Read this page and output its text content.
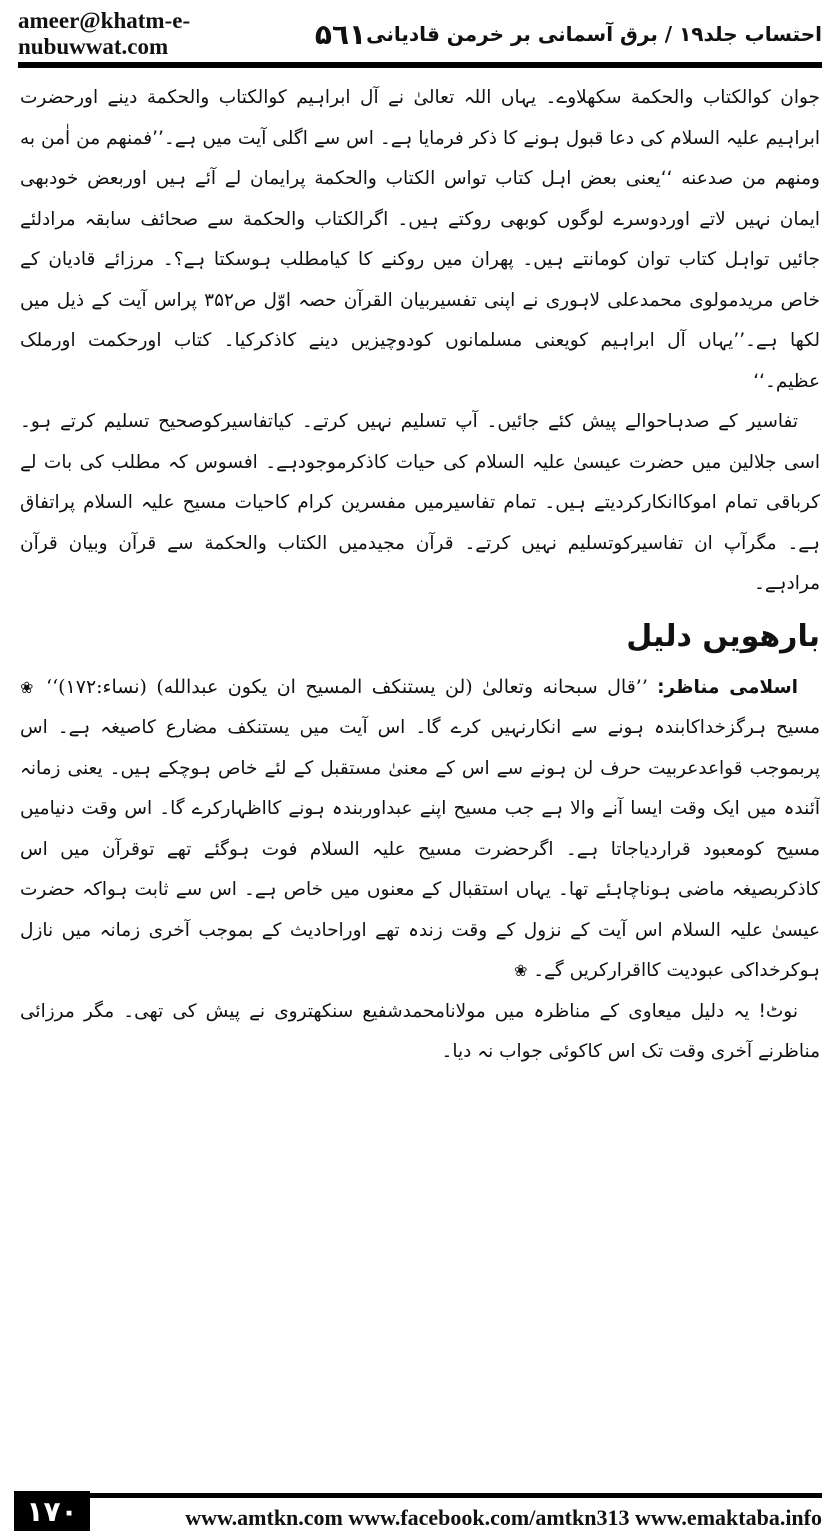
ameer@khatm-e-nubuwwat.com	۵٦١ احتساب جلد۱۹ / برق آسمانی بر خرمن قادیانی

جوان کوالکتاب والحکمة سکھلاوے۔ یہاں اللہ تعالیٰ نے آل ابراہیم کوالکتاب والحکمة دینے اورحضرت ابراہیم علیہ السلام کی دعا قبول ہونے کا ذکر فرمایا ہے۔ اس سے اگلی آیت میں ہے۔’’فمنهم من اٰمن به ومنهم من صدعنه ‘‘یعنی بعض اہل کتاب تواس الکتاب والحکمة پرایمان لے آئے ہیں اوربعض خودبھی ایمان نہیں لاتے اوردوسرے لوگوں کوبھی روکتے ہیں۔ اگرالکتاب والحکمة سے صحائف سابقہ مرادلئے جائیں تواہل کتاب توان کومانتے ہیں۔ پھران میں روکنے کا کیامطلب ہوسکتا ہے؟۔ مرزائے قادیان کے خاص مریدمولوی محمدعلی لاہوری نے اپنی تفسیربیان القرآن حصہ اوّل ص۳۵۲ پراس آیت کے ذیل میں لکھا ہے۔’’یہاں آل ابراہیم کویعنی مسلمانوں کودوچیزیں دینے کاذکرکیا۔ کتاب اورحکمت اورملک عظیم۔‘‘

تفاسیر کے صدہاحوالے پیش کئے جائیں۔ آپ تسلیم نہیں کرتے۔ کیاتفاسیرکوصحیح تسلیم کرتے ہو۔ اسی جلالین میں حضرت عیسیٰ علیہ السلام کی حیات کاذکرموجودہے۔ افسوس کہ مطلب کی بات لے کرباقی تمام اموکاانکارکردیتے ہیں۔ تمام تفاسیرمیں مفسرین کرام کاحیات مسیح علیہ السلام پراتفاق ہے۔ مگرآپ ان تفاسیرکوتسلیم نہیں کرتے۔ قرآن مجیدمیں الکتاب والحکمة سے قرآن وبیان قرآن مرادہے۔

بارھویں دلیل

اسلامی مناظر: ’’قال سبحانه وتعالیٰ (لن یستنکف المسیح ان یکون عبدالله) (نساء:۱۷۲)‘‘ ❀ مسیح ہرگزخداکابندہ ہونے سے انکارنہیں کرے گا۔ اس آیت میں یستنکف مضارع کاصیغہ ہے۔ اس پربموجب قواعدعربیت حرف لن ہونے سے اس کے معنیٰ مستقبل کے لئے خاص ہوچکے ہیں۔ یعنی زمانہ آئندہ میں ایک وقت ایسا آنے والا ہے جب مسیح اپنے عبداوربندہ ہونے کااظہارکرے گا۔ اس وقت دنیامیں مسیح کومعبود قراردیاجاتا ہے۔ اگرحضرت مسیح علیہ السلام فوت ہوگئے تھے توقرآن میں اس کاذکربصیغہ ماضی ہوناچاہئے تھا۔ یہاں استقبال کے معنوں میں خاص ہے۔ اس سے ثابت ہواکہ حضرت عیسیٰ علیہ السلام اس آیت کے نزول کے وقت زندہ تھے اوراحادیث کے بموجب آخری زمانہ میں نازل ہوکرخداکی عبودیت کااقرارکریں گے۔ ❀

نوٹ! یہ دلیل میعاوی کے مناظرہ میں مولانامحمدشفیع سنکھتروی نے پیش کی تھی۔ مگر مرزائی مناظرنے آخری وقت تک اس کاکوئی جواب نہ دیا۔

١٧٠	www.amtkn.com www.facebook.com/amtkn313 www.emaktaba.info
